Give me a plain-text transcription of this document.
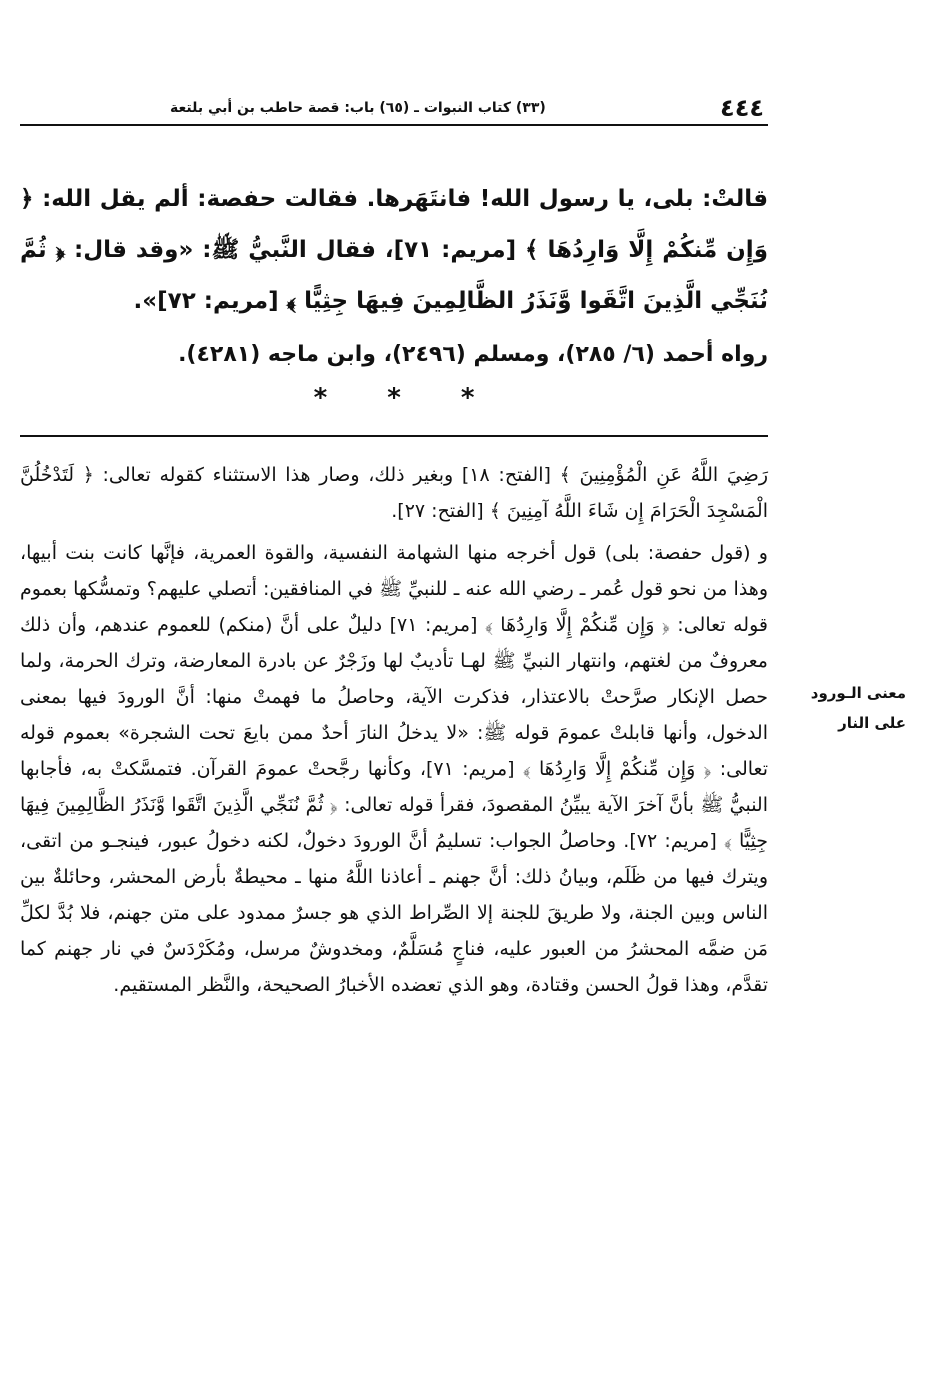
٤٤٤
(٣٣) كتاب النبوات ـ (٦٥) باب: قصة حاطب بن أبي بلتعة
قالتْ: بلى، يا رسول الله! فانتَهَرها. فقالت حفصة: ألم يقل الله: ﴿ وَإِن مِّنكُمْ إِلَّا وَارِدُهَا ﴾ [مريم: ٧١]، فقال النَّبيُّ ﷺ: «وقد قال: ﴿ ثُمَّ نُنَجِّي الَّذِينَ اتَّقَوا وَّنَذَرُ الظَّالِمِينَ فِيهَا جِثِيًّا ﴾ [مريم: ٧٢]».
رواه أحمد (٦/ ٢٨٥)، ومسلم (٢٤٩٦)، وابن ماجه (٤٢٨١).
*
*
*

رَضِيَ اللَّهُ عَنِ الْمُؤْمِنِينَ ﴾ [الفتح: ١٨] وبغير ذلك، وصار هذا الاستثناء كقوله تعالى: ﴿ لَتَدْخُلُنَّ الْمَسْجِدَ الْحَرَامَ إِن شَاءَ اللَّهُ آمِنِينَ ﴾ [الفتح: ٢٧].

و (قول حفصة: بلى) قول أخرجه منها الشهامة النفسية، والقوة العمرية، فإنَّها كانت بنت أبيها، وهذا من نحو قول عُمر ـ رضي الله عنه ـ للنبيِّ ﷺ في المنافقين: أتصلي عليهم؟ وتمسُّكها بعموم قوله تعالى: ﴿ وَإِن مِّنكُمْ إِلَّا وَارِدُهَا ﴾ [مريم: ٧١] دليلٌ على أنَّ (منكم) للعموم عندهم، وأن ذلك معروفٌ من لغتهم، وانتهار النبيِّ ﷺ لهـا تأديبٌ لها وزَجْرٌ عن بادرة المعارضة، وترك الحرمة، ولما حصل الإنكار صرَّحتْ بالاعتذار، فذكرت الآية، وحاصلُ ما فهمتْ منها: أنَّ الورودَ فيها بمعنى الدخول، وأنها قابلتْ عمومَ قوله ﷺ: «لا يدخلُ النارَ أحدٌ ممن بايعَ تحت الشجرة» بعموم قوله تعالى: ﴿ وَإِن مِّنكُمْ إِلَّا وَارِدُهَا ﴾ [مريم: ٧١]، وكأنها رجَّحتْ عمومَ القرآن. فتمسَّكتْ به، فأجابها النبيُّ ﷺ بأنَّ آخرَ الآية يبيِّنُ المقصودَ، فقرأ قوله تعالى: ﴿ ثُمَّ نُنَجِّي الَّذِينَ اتَّقَوا وَّنَذَرُ الظَّالِمِينَ فِيهَا جِثِيًّا ﴾ [مريم: ٧٢]. وحاصلُ الجواب: تسليمُ أنَّ الورودَ دخولٌ، لكنه دخولُ عبور، فينجـو من اتقى، ويترك فيها من ظَلَم، وبيانُ ذلك: أنَّ جهنم ـ أعاذنا اللَّهُ منها ـ محيطةٌ بأرض المحشر، وحائلةٌ بين الناس وبين الجنة، ولا طريقَ للجنة إلا الصِّراط الذي هو جسرٌ ممدود على متن جهنم، فلا بُدَّ لكلِّ مَن ضمَّه المحشرُ من العبور عليه، فناجٍ مُسَلَّمٌ، ومخدوشٌ مرسل، ومُكَرْدَسٌ في نار جهنم كما تقدَّم، وهذا قولُ الحسن وقتادة، وهو الذي تعضده الأخبارُ الصحيحة، والنَّظر المستقيم.

معنى الـورود
على النار
